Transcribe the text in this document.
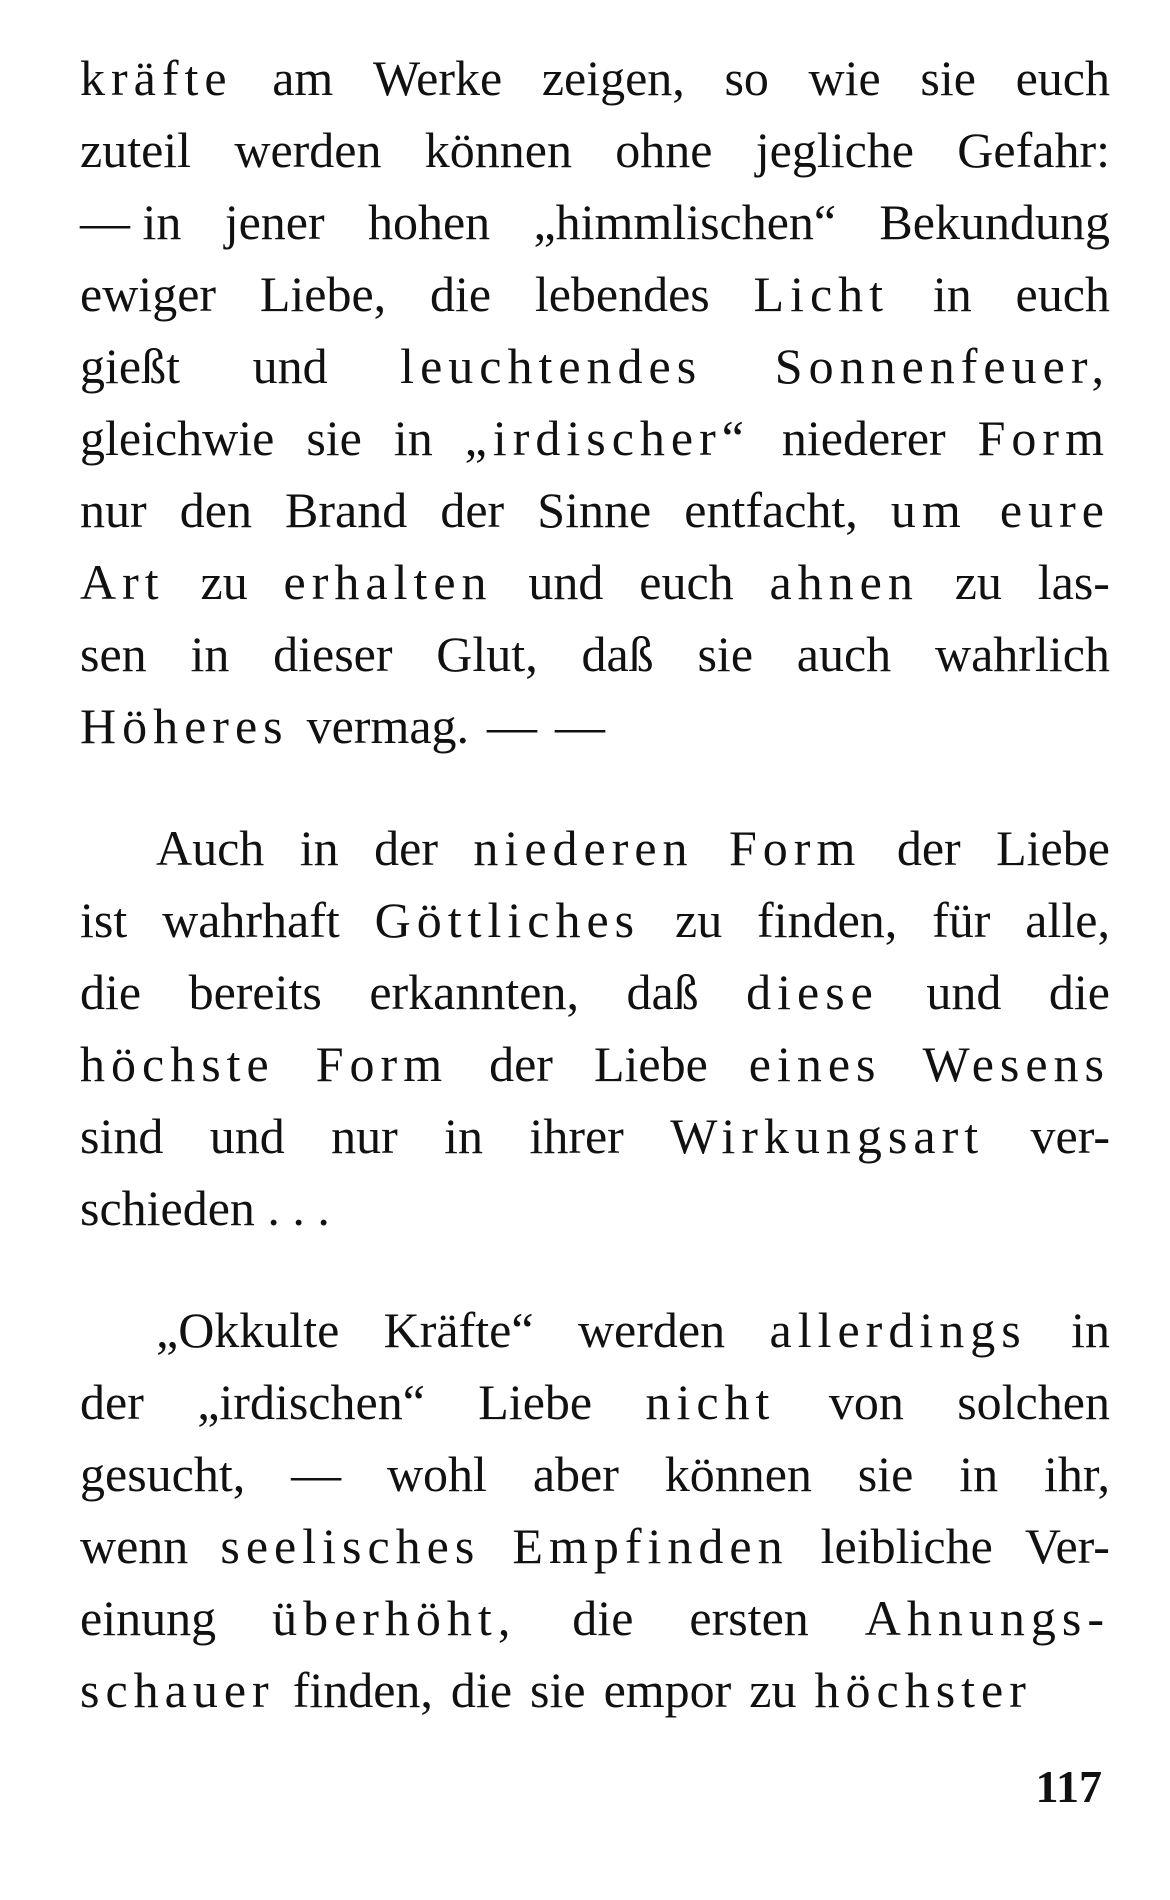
kräfte am Werke zeigen, so wie sie euch
zuteil werden können ohne jegliche Gefahr:
— in jener hohen „himmlischen“ Bekundung
ewiger Liebe, die lebendes Licht in euch
gießt und leuchtendes Sonnenfeuer,
gleichwie sie in „irdischer“ niederer Form
nur den Brand der Sinne entfacht, um eure
Art zu erhalten und euch ahnen zu las-
sen in dieser Glut, daß sie auch wahrlich
Höheres vermag. — —
Auch in der niederen Form der Liebe
ist wahrhaft Göttliches zu finden, für alle,
die bereits erkannten, daß diese und die
höchste Form der Liebe eines Wesens
sind und nur in ihrer Wirkungsart ver-
schieden . . .
„Okkulte Kräfte“ werden allerdings in
der „irdischen“ Liebe nicht von solchen
gesucht, — wohl aber können sie in ihr,
wenn seelisches Empfinden leibliche Ver-
einung überhöht, die ersten Ahnungs-
schauer finden, die sie empor zu höchster
117
